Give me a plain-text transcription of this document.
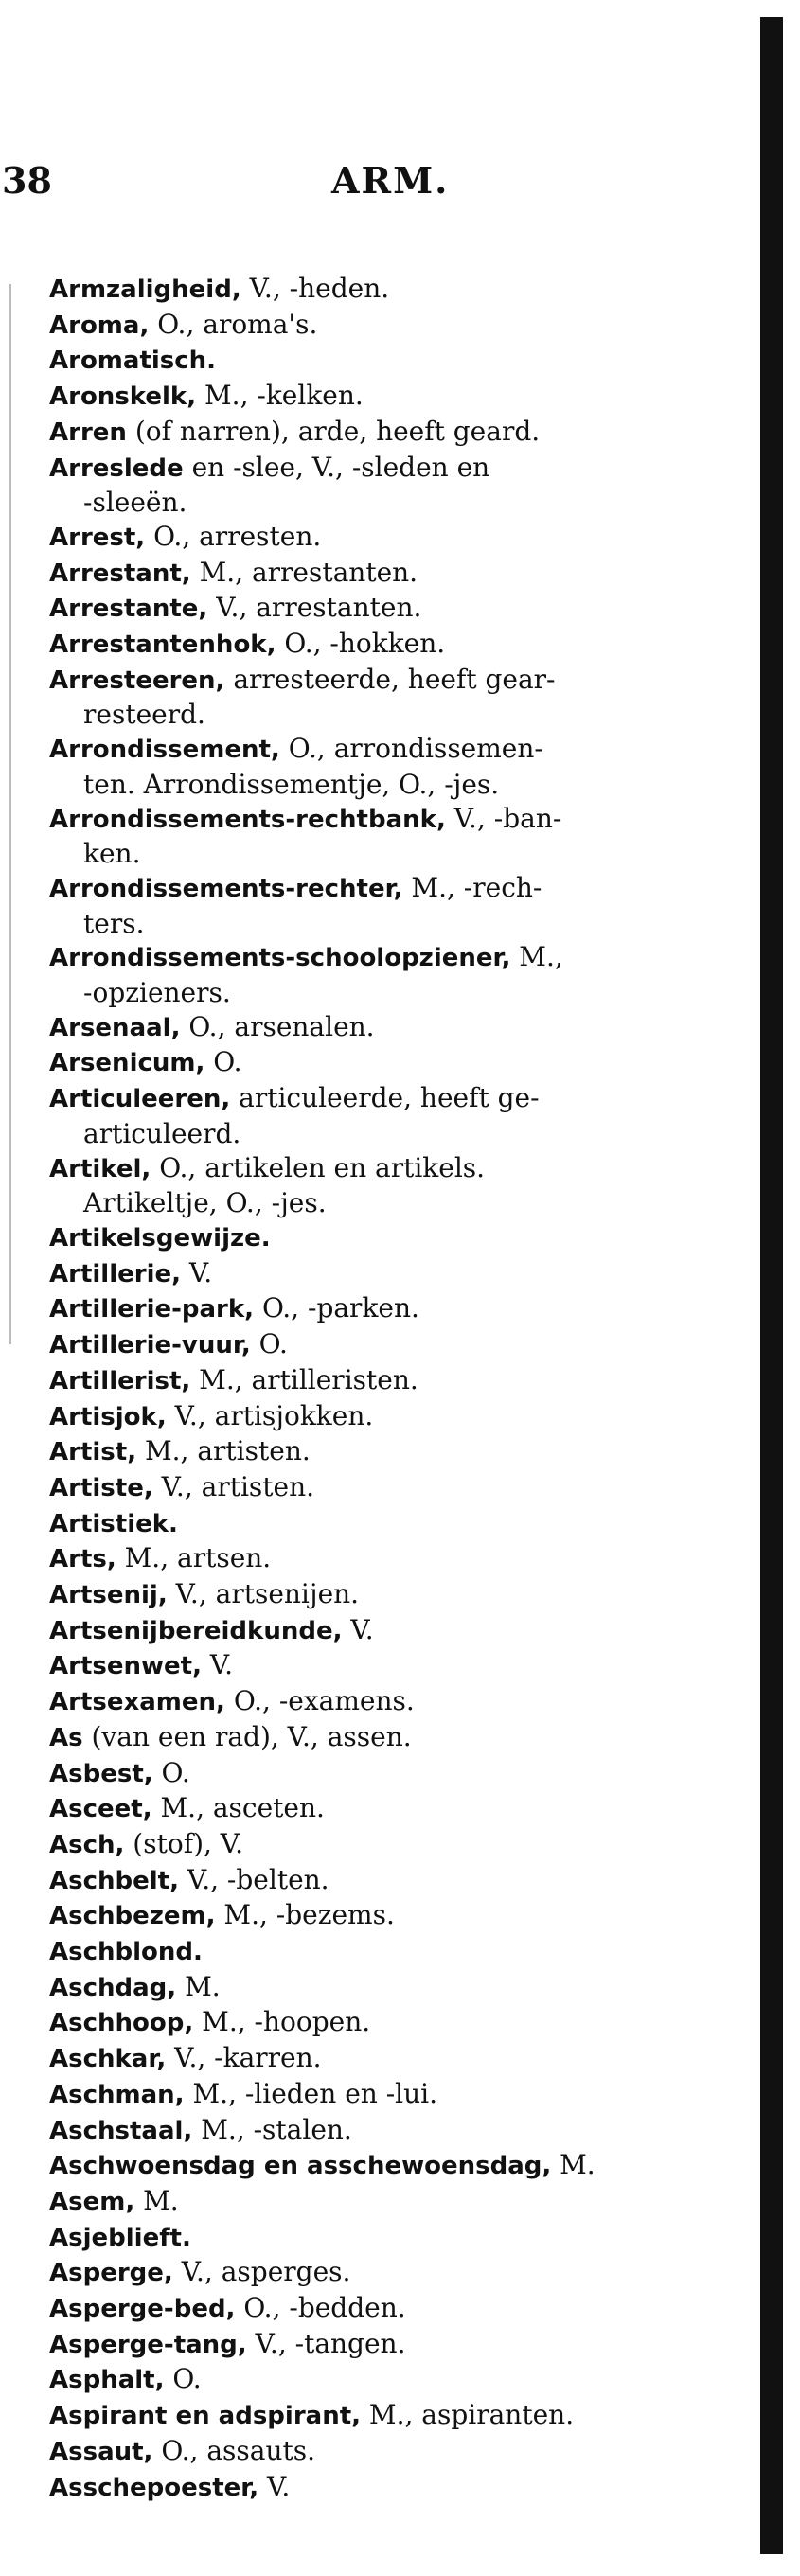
38	ARM.
Armzaligheid, V., -heden.
Aroma, O., aroma's.
Aromatisch.
Aronskelk, M., -kelken.
Arren (of narren), arde, heeft geard.
Arreslede en -slee, V., -sleden en
-sleeën.
Arrest, O., arresten.
Arrestant, M., arrestanten.
Arrestante, V., arrestanten.
Arrestantenhok, O., -hokken.
Arresteeren, arresteerde, heeft gear-
resteerd.
Arrondissement, O., arrondissemen-
ten. Arrondissementje, O., -jes.
Arrondissements-rechtbank, V., -ban-
ken.
Arrondissements-rechter, M., -rech-
ters.
Arrondissements-schoolopziener, M.,
-opzieners.
Arsenaal, O., arsenalen.
Arsenicum, O.
Articuleeren, articuleerde, heeft ge-
articuleerd.
Artikel, O., artikelen en artikels.
Artikeltje, O., -jes.
Artikelsgewijze.
Artillerie, V.
Artillerie-park, O., -parken.
Artillerie-vuur, O.
Artillerist, M., artilleristen.
Artisjok, V., artisjokken.
Artist, M., artisten.
Artiste, V., artisten.
Artistiek.
Arts, M., artsen.
Artsenij, V., artsenijen.
Artsenijbereidkunde, V.
Artsenwet, V.
Artsexamen, O., -examens.
As (van een rad), V., assen.
Asbest, O.
Asceet, M., asceten.
Asch, (stof), V.
Aschbelt, V., -belten.
Aschbezem, M., -bezems.
Aschblond.
Aschdag, M.
Aschhoop, M., -hoopen.
Aschkar, V., -karren.
Aschman, M., -lieden en -lui.
Aschstaal, M., -stalen.
Aschwoensdag en asschewoensdag, M.
Asem, M.
Asjeblieft.
Asperge, V., asperges.
Asperge-bed, O., -bedden.
Asperge-tang, V., -tangen.
Asphalt, O.
Aspirant en adspirant, M., aspiranten.
Assaut, O., assauts.
Asschepoester, V.
